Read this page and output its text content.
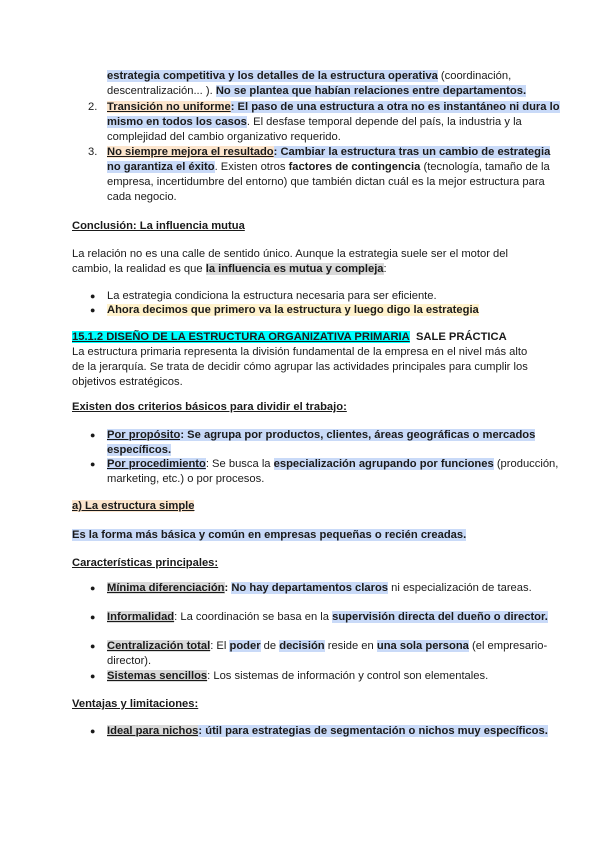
estrategia competitiva y los detalles de la estructura operativa (coordinación, descentralización... ). No se plantea que habían relaciones entre departamentos.
2. Transición no uniforme: El paso de una estructura a otra no es instantáneo ni dura lo mismo en todos los casos. El desfase temporal depende del país, la industria y la complejidad del cambio organizativo requerido.
3. No siempre mejora el resultado: Cambiar la estructura tras un cambio de estrategia no garantiza el éxito. Existen otros factores de contingencia (tecnología, tamaño de la empresa, incertidumbre del entorno) que también dictan cuál es la mejor estructura para cada negocio.
Conclusión: La influencia mutua
La relación no es una calle de sentido único. Aunque la estrategia suele ser el motor del cambio, la realidad es que la influencia es mutua y compleja:
● La estrategia condiciona la estructura necesaria para ser eficiente.
● Ahora decimos que primero va la estructura y luego digo la estrategia
15.1.2 DISEÑO DE LA ESTRUCTURA ORGANIZATIVA PRIMARIA SALE PRÁCTICA
La estructura primaria representa la división fundamental de la empresa en el nivel más alto de la jerarquía. Se trata de decidir cómo agrupar las actividades principales para cumplir los objetivos estratégicos.
Existen dos criterios básicos para dividir el trabajo:
● Por propósito: Se agrupa por productos, clientes, áreas geográficas o mercados específicos.
● Por procedimiento: Se busca la especialización agrupando por funciones (producción, marketing, etc.) o por procesos.
a) La estructura simple
Es la forma más básica y común en empresas pequeñas o recién creadas.
Características principales:
● Mínima diferenciación: No hay departamentos claros ni especialización de tareas.
● Informalidad: La coordinación se basa en la supervisión directa del dueño o director.
● Centralización total: El poder de decisión reside en una sola persona (el empresario-director).
● Sistemas sencillos: Los sistemas de información y control son elementales.
Ventajas y limitaciones:
● Ideal para nichos: útil para estrategias de segmentación o nichos muy específicos.
